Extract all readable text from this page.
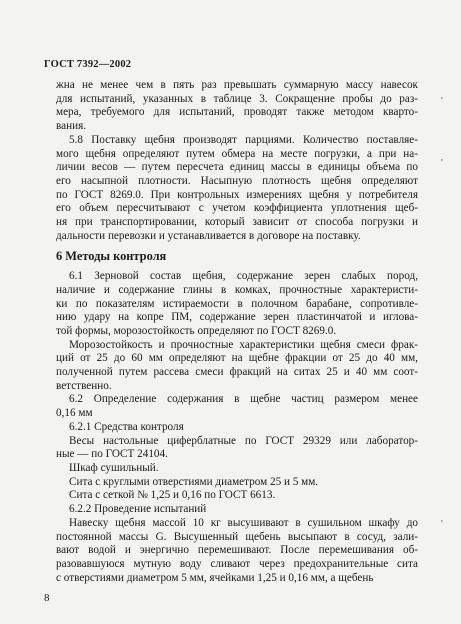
ГОСТ 7392—2002

жна не менее чем в пять раз превышать суммарную массу навесок
для испытаний, указанных в таблице 3. Сокращение пробы до раз-
мера, требуемого для испытаний, проводят также методом кварто-
вания.

5.8 Поставку щебня производят парциями. Количество поставляе-
мого щебня определяют путем обмера на месте погрузки, а при на-
личии весов — путем пересчета единиц массы в единицы объема по
его насыпной плотности. Насыпную плотность щебня определяют
по ГОСТ 8269.0. При контрольных измерениях щебня у потребителя
его объем пересчитывают с учетом коэффициента уплотнения щеб-
ня при транспортировании, который зависит от способа погрузки и
дальности перевозки и устанавливается в договоре на поставку.

6 Методы контроля

6.1 Зерновой состав щебня, содержание зерен слабых пород,
наличие и содержание глины в комках, прочностные характеристи-
ки по показателям истираемости в полочном барабане, сопротивле-
нию удару на копре ПМ, содержание зерен пластинчатой и иглова-
той формы, морозостойкость определяют по ГОСТ 8269.0.

Морозостойкость и прочностные характеристики щебня смеси фрак-
ций от 25 до 60 мм определяют на щебне фракции от 25 до 40 мм,
полученной путем рассева смеси фракций на ситах 25 и 40 мм соот-
ветственно.

6.2 Определение содержания в щебне частиц размером менее
0,16 мм

6.2.1 Средства контроля

Весы настольные циферблатные по ГОСТ 29329 или лаборатор-
ные — по ГОСТ 24104.

Шкаф сушильный.

Сита с круглыми отверстиями диаметром 25 и 5 мм.

Сита с сеткой № 1,25 и 0,16 по ГОСТ 6613.

6.2.2 Проведение испытаний

Навеску щебня массой 10 кг высушивают в сушильном шкафу до
постоянной массы G. Высушенный щебень высыпают в сосуд, зали-
вают водой и энергично перемешивают. После перемешивания об-
разовавшуюся мутную воду сливают через предохранительные сита
с отверстиями диаметром 5 мм, ячейками 1,25 и 0,16 мм, а щебень

8
'
'
'
